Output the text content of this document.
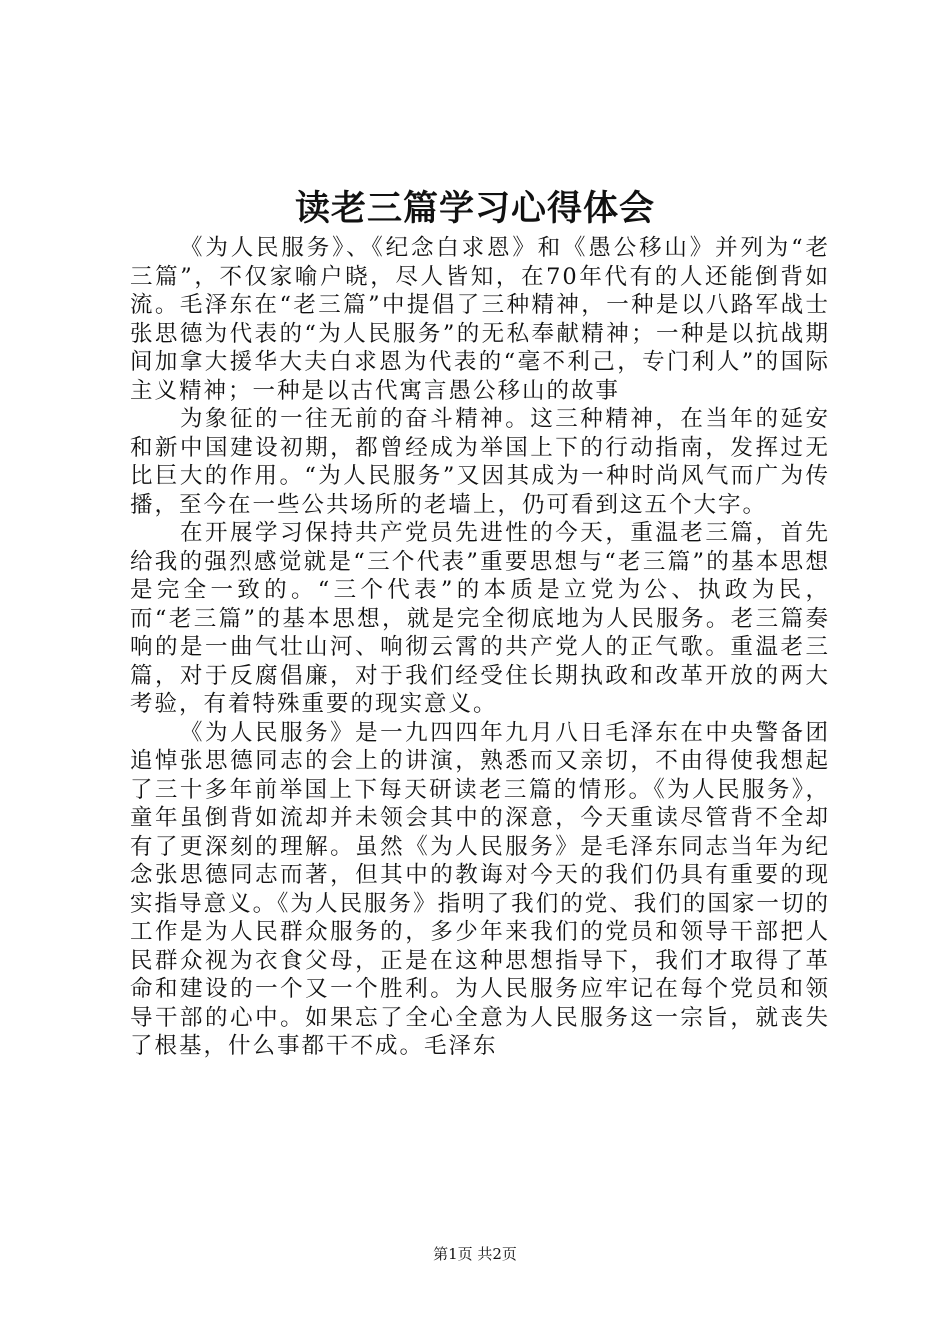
读老三篇学习心得体会

《为人民服务》、《纪念白求恩》和《愚公移山》并列为“老三篇”，不仅家喻户晓，尽人皆知，在70年代有的人还能倒背如流。毛泽东在“老三篇”中提倡了三种精神，一种是以八路军战士张思德为代表的“为人民服务”的无私奉献精神；一种是以抗战期间加拿大援华大夫白求恩为代表的“毫不利己，专门利人”的国际主义精神；一种是以古代寓言愚公移山的故事

为象征的一往无前的奋斗精神。这三种精神，在当年的延安和新中国建设初期，都曾经成为举国上下的行动指南，发挥过无比巨大的作用。“为人民服务”又因其成为一种时尚风气而广为传播，至今在一些公共场所的老墙上，仍可看到这五个大字。

在开展学习保持共产党员先进性的今天，重温老三篇，首先给我的强烈感觉就是“三个代表”重要思想与“老三篇”的基本思想是完全一致的。“三个代表”的本质是立党为公、执政为民，而“老三篇”的基本思想，就是完全彻底地为人民服务。老三篇奏响的是一曲气壮山河、响彻云霄的共产党人的正气歌。重温老三篇，对于反腐倡廉，对于我们经受住长期执政和改革开放的两大考验，有着特殊重要的现实意义。

《为人民服务》是一九四四年九月八日毛泽东在中央警备团追悼张思德同志的会上的讲演，熟悉而又亲切，不由得使我想起了三十多年前举国上下每天研读老三篇的情形。《为人民服务》，童年虽倒背如流却并未领会其中的深意，今天重读尽管背不全却有了更深刻的理解。虽然《为人民服务》是毛泽东同志当年为纪念张思德同志而著，但其中的教诲对今天的我们仍具有重要的现实指导意义。《为人民服务》指明了我们的党、我们的国家一切的工作是为人民群众服务的，多少年来我们的党员和领导干部把人民群众视为衣食父母，正是在这种思想指导下，我们才取得了革命和建设的一个又一个胜利。为人民服务应牢记在每个党员和领导干部的心中。如果忘了全心全意为人民服务这一宗旨，就丧失了根基，什么事都干不成。毛泽东

第1页 共2页
